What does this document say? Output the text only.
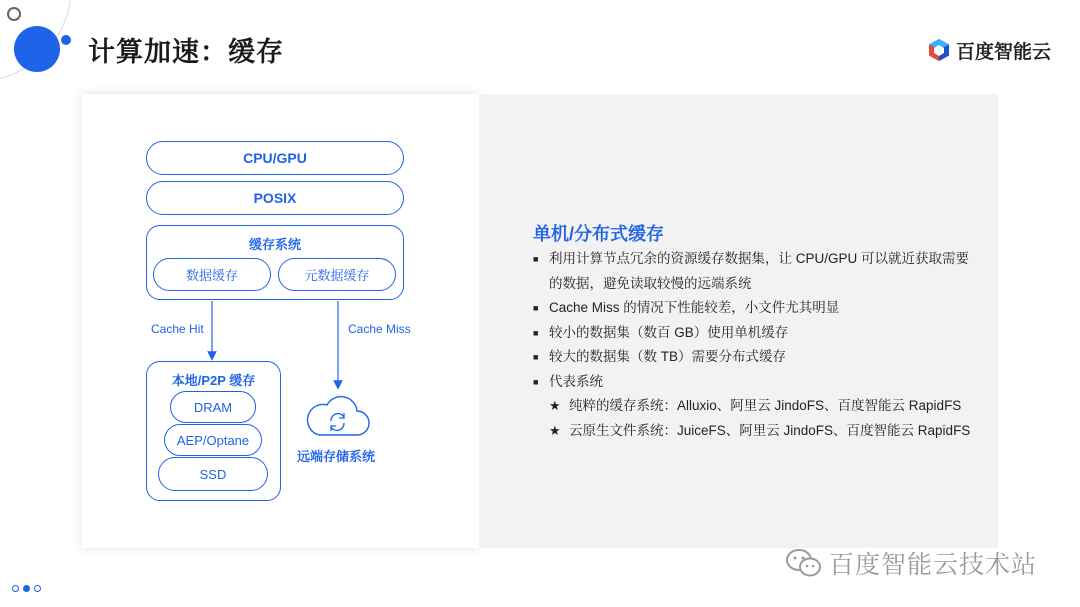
计算加速：缓存	百度智能云
CPU/GPU
POSIX
缓存系统
数据缓存	元数据缓存
Cache Hit	Cache Miss
本地/P2P 缓存
DRAM
AEP/Optane
SSD
远端存储系统
单机/分布式缓存
■ 利用计算节点冗余的资源缓存数据集，让 CPU/GPU 可以就近获取需要的数据，避免读取较慢的远端系统
■ Cache Miss 的情况下性能较差，小文件尤其明显
■ 较小的数据集（数百 GB）使用单机缓存
■ 较大的数据集（数 TB）需要分布式缓存
■ 代表系统
★ 纯粹的缓存系统：Alluxio、阿里云 JindoFS、百度智能云 RapidFS
★ 云原生文件系统：JuiceFS、阿里云 JindoFS、百度智能云 RapidFS
百度智能云技术站
